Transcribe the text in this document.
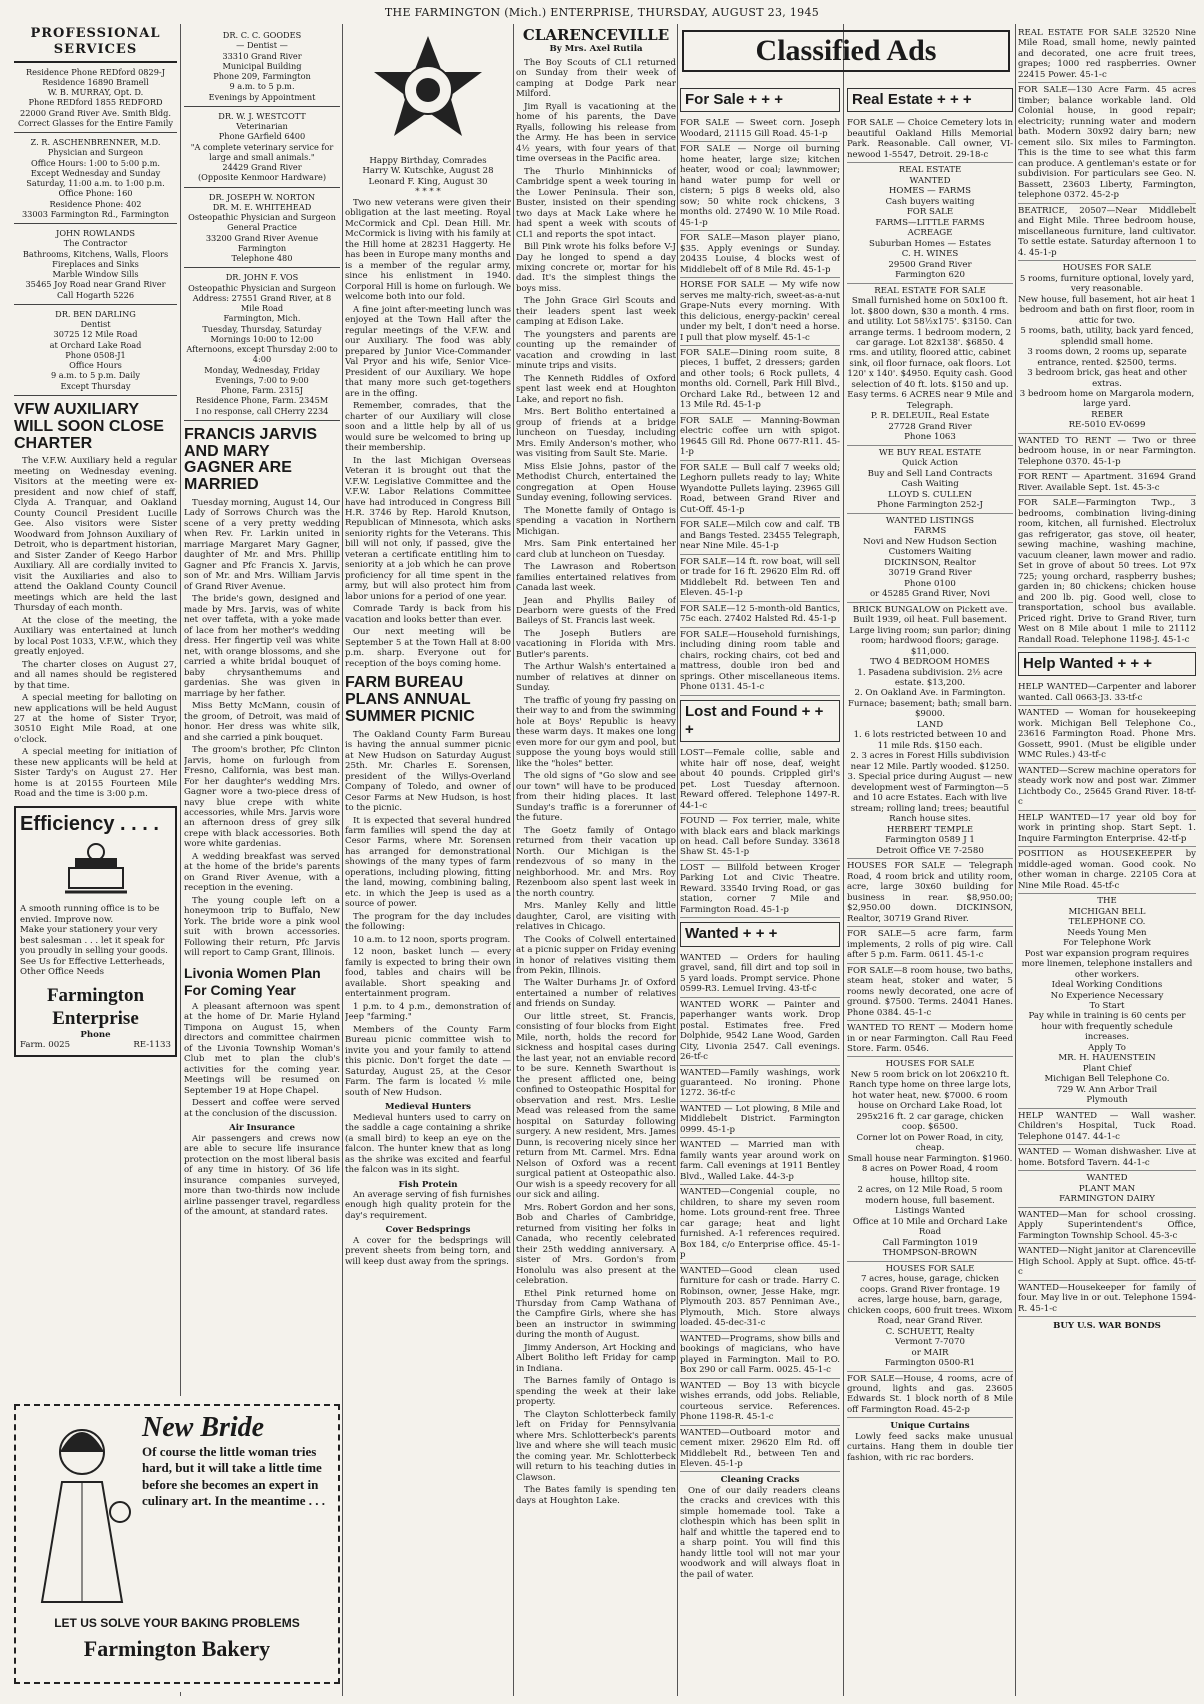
THE FARMINGTON (Mich.) ENTERPRISE, THURSDAY, AUGUST 23, 1945
PROFESSIONAL SERVICES
Residence Phone REDford 0829-J
Residence 16890 Bramell
W. B. MURRAY, Opt. D.
Phone REDford 1855 REDFORD
22000 Grand River Ave. Smith Bldg.
Correct Glasses for the Entire Family
Z. R. ASCHENBRENNER, M.D.
Physician and Surgeon
Office Hours: 1:00 to 5:00 p.m.
Except Wednesday and Sunday
Saturday, 11:00 a.m. to 1:00 p.m.
Office Phone: 160
Residence Phone: 402
33003 Farmington Rd., Farmington
JOHN ROWLANDS
The Contractor
Bathrooms, Kitchens, Walls, Floors
Fireplaces and Sinks
Marble Window Sills
35465 Joy Road near Grand River
Call Hogarth 5226
DR. BEN DARLING
Dentist
30725 12 Mile Road
at Orchard Lake Road
Phone 0508-J1
Office Hours
9 a.m. to 5 p.m. Daily
Except Thursday
VFW AUXILIARY WILL SOON CLOSE CHARTER
The V.F.W. Auxiliary held a regular meeting on Wednesday evening. Visitors at the meeting were ex-president and now chief of staff, Clyda A. Tranquar, and Oakland County Council President Lucille Gee. Also visitors were Sister Woodward from Johnson Auxiliary of Detroit, who is department historian, and Sister Zander of Keego Harbor Auxiliary. All are cordially invited to visit the Auxiliaries and also to attend the Oakland County Council meetings which are held the last Thursday of each month.
At the close of the meeting, the Auxiliary was entertained at lunch by local Post 1033, V.F.W., which they greatly enjoyed.
The charter closes on August 27, and all names should be registered by that time.
A special meeting for balloting on new applications will be held August 27 at the home of Sister Tryor, 30510 Eight Mile Road, at one o'clock.
A special meeting for initiation of these new applicants will be held at Sister Tardy's on August 27. Her home is at 20155 Fourteen Mile Road and the time is 3:00 p.m.
Efficiency . . . .
A smooth running office is to be envied. Improve now.
Make your stationery your very best salesman . . . let it speak for you proudly in selling your goods.
See Us for Effective Letterheads, Other Office Needs
Farmington Enterprise
Phone
Farm. 0025	RE-1133
DR. C. C. GOODES
— Dentist —
33310 Grand River
Municipal Building
Phone 209, Farmington
9 a.m. to 5 p.m.
Evenings by Appointment
DR. W. J. WESTCOTT
Veterinarian
Phone GArfield 6400
"A complete veterinary service for large and small animals."
24429 Grand River
(Opposite Kenmoor Hardware)
DR. JOSEPH W. NORTON
DR. M. E. WHITEHEAD
Osteopathic Physician and Surgeon
General Practice
33200 Grand River Avenue
Farmington
Telephone 480
DR. JOHN F. VOS
Osteopathic Physician and Surgeon
Address: 27551 Grand River, at 8 Mile Road
Farmington, Mich.
Tuesday, Thursday, Saturday
Mornings 10:00 to 12:00
Afternoons, except Thursday 2:00 to 4:00
Monday, Wednesday, Friday Evenings, 7:00 to 9:00
Phone, Farm. 2315J
Residence Phone, Farm. 2345M
I no response, call CHerry 2234
FRANCIS JARVIS AND MARY GAGNER ARE MARRIED
Tuesday morning, August 14, Our Lady of Sorrows Church was the scene of a very pretty wedding when Rev. Fr. Larkin united in marriage Margaret Mary Gagner, daughter of Mr. and Mrs. Phillip Gagner and Pfc Francis X. Jarvis, son of Mr. and Mrs. William Jarvis of Grand River Avenue.
The bride's gown, designed and made by Mrs. Jarvis, was of white net over taffeta, with a yoke made of lace from her mother's wedding dress. Her fingertip veil was white net, with orange blossoms, and she carried a white bridal bouquet of baby chrysanthemums and gardenias. She was given in marriage by her father.
Miss Betty McMann, cousin of the groom, of Detroit, was maid of honor. Her dress was white silk, and she carried a pink bouquet.
The groom's brother, Pfc Clinton Jarvis, home on furlough from Fresno, California, was best man. For her daughter's wedding Mrs. Gagner wore a two-piece dress of navy blue crepe with white accessories, while Mrs. Jarvis wore an afternoon dress of grey silk crepe with black accessories. Both wore white gardenias.
A wedding breakfast was served at the home of the bride's parents on Grand River Avenue, with a reception in the evening.
The young couple left on a honeymoon trip to Buffalo, New York. The bride wore a pink wool suit with brown accessories. Following their return, Pfc Jarvis will report to Camp Grant, Illinois.
Livonia Women Plan For Coming Year
A pleasant afternoon was spent at the home of Dr. Marie Hyland Timpona on August 15, when directors and committee chairmen of the Livonia Township Woman's Club met to plan the club's activities for the coming year. Meetings will be resumed on September 19 at Hope Chapel.
Dessert and coffee were served at the conclusion of the discussion.
Air Insurance
Air passengers and crews now are able to secure life insurance protection on the most liberal basis of any time in history. Of 36 life insurance companies surveyed, more than two-thirds now include airline passenger travel, regardless of the amount, at standard rates.
New Bride
Of course the little woman tries hard, but it will take a little time before she becomes an expert in culinary art. In the meantime . . .
LET US SOLVE YOUR BAKING PROBLEMS
Farmington Bakery
Happy Birthday, Comrades
Harry W. Kutschke, August 28
Leonard F. King, August 30
* * * *
Two new veterans were given their obligation at the last meeting. Royal McCormick and Cpl. Dean Hill. Mr. McCormick is living with his family at the Hill home at 28231 Haggerty. He has been in Europe many months and is a member of the regular army, since his enlistment in 1940. Corporal Hill is home on furlough. We welcome both into our fold.
A fine joint after-meeting lunch was enjoyed at the Town Hall after the regular meetings of the V.F.W. and our Auxiliary. The food was ably prepared by Junior Vice-Commander Val Pryor and his wife, Senior Vice-President of our Auxiliary. We hope that many more such get-togethers are in the offing.
Remember, comrades, that the charter of our Auxiliary will close soon and a little help by all of us would sure be welcomed to bring up their membership.
In the last Michigan Overseas Veteran it is brought out that the V.F.W. Legislative Committee and the V.F.W. Labor Relations Committee have had introduced in Congress Bill H.R. 3746 by Rep. Harold Knutson, Republican of Minnesota, which asks seniority rights for the Veterans. This bill will not only, if passed, give the veteran a certificate entitling him to seniority at a job which he can prove proficiency for all time spent in the army, but will also protect him from labor unions for a period of one year.
Comrade Tardy is back from his vacation and looks better than ever.
Our next meeting will be September 5 at the Town Hall at 8:00 p.m. sharp. Everyone out for reception of the boys coming home.
FARM BUREAU PLANS ANNUAL SUMMER PICNIC
The Oakland County Farm Bureau is having the annual summer picnic at New Hudson on Saturday August 25th. Mr. Charles E. Sorensen, president of the Willys-Overland Company of Toledo, and owner of Cesor Farms at New Hudson, is host to the picnic.
It is expected that several hundred farm families will spend the day at Cesor Farms, where Mr. Sorensen has arranged for demonstrational showings of the many types of farm operations, including plowing, fitting the land, mowing, combining baling, etc. in which the Jeep is used as a source of power.
The program for the day includes the following:
10 a.m. to 12 noon, sports program.
12 noon, basket lunch — every family is expected to bring their own food, tables and chairs will be available. Short speaking and entertainment program.
1 p.m. to 4 p.m., demonstration of Jeep "farming."
Members of the County Farm Bureau picnic committee wish to invite you and your family to attend this picnic. Don't forget the date — Saturday, August 25, at the Cesor Farm. The farm is located ½ mile south of New Hudson.
Medieval Hunters
Medieval hunters used to carry on the saddle a cage containing a shrike (a small bird) to keep an eye on the falcon. The hunter knew that as long as the shrike was excited and fearful the falcon was in its sight.
Fish Protein
An average serving of fish furnishes enough high quality protein for the day's requirement.
Cover Bedsprings
A cover for the bedsprings will prevent sheets from being torn, and will keep dust away from the springs.
CLARENCEVILLE
By Mrs. Axel Rutila
The Boy Scouts of CL1 returned on Sunday from their week of camping at Dodge Park near Milford.
Jim Ryall is vacationing at the home of his parents, the Dave Ryalls, following his release from the Army. He has been in service 4½ years, with four years of that time overseas in the Pacific area.
The Thurlo Minhinnicks of Cambridge spent a week touring in the Lower Peninsula. Their son, Buster, insisted on their spending two days at Mack Lake where he had spent a week with scouts of CL1 and reports the spot intact.
Bill Pink wrote his folks before V-J Day he longed to spend a day mixing concrete or, mortar for his dad. It's the simplest things the boys miss.
The John Grace Girl Scouts and their leaders spent last week camping at Edison Lake.
The youngsters and parents are counting up the remainder of vacation and crowding in last minute trips and visits.
The Kenneth Riddles of Oxford spent last week end at Houghton Lake, and report no fish.
Mrs. Bert Bolitho entertained a group of friends at a bridge luncheon on Tuesday, including Mrs. Emily Anderson's mother, who was visiting from Sault Ste. Marie.
Miss Elsie Johns, pastor of the Methodist Church, entertained the congregation at Open House Sunday evening, following services.
The Monette family of Ontago is spending a vacation in Northern Michigan.
Mrs. Sam Pink entertained her card club at luncheon on Tuesday.
The Lawrason and Robertson families entertained relatives from Canada last week.
Jean and Phyllis Bailey of Dearborn were guests of the Fred Baileys of St. Francis last week.
The Joseph Butlers are vacationing in Florida with Mrs. Butler's parents.
The Arthur Walsh's entertained a number of relatives at dinner on Sunday.
The traffic of young fry passing on their way to and from the swimming hole at Boys' Republic is heavy these warm days. It makes one long even more for our gym and pool, but suppose the young boys would still like the "holes" better.
The old signs of "Go slow and see our town" will have to be produced from their hiding places. It last Sunday's traffic is a forerunner of the future.
The Goetz family of Ontago returned from their vacation up North. Our Michigan is the rendezvous of so many in the neighborhood. Mr. and Mrs. Roy Rezenboom also spent last week in the north country.
Mrs. Manley Kelly and little daughter, Carol, are visiting with relatives in Chicago.
The Cooks of Colwell entertained at a picnic supper on Friday evening in honor of relatives visiting them from Pekin, Illinois.
The Walter Durhams Jr. of Oxford entertained a number of relatives and friends on Sunday.
Our little street, St. Francis, consisting of four blocks from Eight Mile, north, holds the record for sickness and hospital cases during the last year, not an enviable record to be sure. Kenneth Swarthout is the present afflicted one, being confined to Osteopathic Hospital for observation and rest. Mrs. Leslie Mead was released from the same hospital on Saturday following surgery. A new resident, Mrs. James Dunn, is recovering nicely since her return from Mt. Carmel. Mrs. Edna Nelson of Oxford was a recent surgical patient at Osteopathic also. Our wish is a speedy recovery for all our sick and ailing.
Mrs. Robert Gordon and her sons, Bob and Charles of Cambridge, returned from visiting her folks in Canada, who recently celebrated their 25th wedding anniversary. A sister of Mrs. Gordon's from Honolulu was also present at the celebration.
Ethel Pink returned home on Thursday from Camp Wathana of the Campfire Girls, where she has been an instructor in swimming during the month of August.
Jimmy Anderson, Art Hocking and Albert Bolitho left Friday for camp in Indiana.
The Barnes family of Ontago is spending the week at their lake property.
The Clayton Schlotterbeck family left on Friday for Pennsylvania where Mrs. Schlotterbeck's parents live and where she will teach music the coming year. Mr. Schlotterbeck will return to his teaching duties in Clawson.
The Bates family is spending ten days at Houghton Lake.
Classified Ads
For Sale + + +
FOR SALE — Sweet corn. Joseph Woodard, 21115 Gill Road. 45-1-p
FOR SALE — Norge oil burning home heater, large size; kitchen heater, wood or coal; lawnmower; hand water pump for well or cistern; 5 pigs 8 weeks old, also sow; 50 white rock chickens, 3 months old. 27490 W. 10 Mile Road. 45-1-p
FOR SALE—Mason player piano, $35. Apply evenings or Sunday. 20435 Louise, 4 blocks west of Middlebelt off of 8 Mile Rd. 45-1-p
HORSE FOR SALE — My wife now serves me malty-rich, sweet-as-a-nut Grape-Nuts every morning. With this delicious, energy-packin' cereal under my belt, I don't need a horse. I pull that plow myself. 45-1-c
FOR SALE—Dining room suite, 8 pieces, 1 buffet, 2 dressers; garden and other tools; 6 Rock pullets, 4 months old. Cornell, Park Hill Blvd., Orchard Lake Rd., between 12 and 13 Mile Rd. 45-1-p
FOR SALE — Manning-Bowman electric coffee urn with spigot. 19645 Gill Rd. Phone 0677-R11. 45-1-p
FOR SALE — Bull calf 7 weeks old; Leghorn pullets ready to lay; White Wyandotte Pullets laying. 23965 Gill Road, between Grand River and Cut-Off. 45-1-p
FOR SALE—Milch cow and calf. TB and Bangs Tested. 23455 Telegraph, near Nine Mile. 45-1-p
FOR SALE—14 ft. row boat, will sell or trade for 16 ft. 29620 Elm Rd. off Middlebelt Rd. between Ten and Eleven. 45-1-p
FOR SALE—12 5-month-old Bantics, 75c each. 27402 Halsted Rd. 45-1-p
FOR SALE—Household furnishings, including dining room table and chairs, rocking chairs, cot bed and mattress, double iron bed and springs. Other miscellaneous items. Phone 0131. 45-1-c
Lost and Found + + +
LOST—Female collie, sable and white hair off nose, deaf, weight about 40 pounds. Crippled girl's pet. Lost Tuesday afternoon. Reward offered. Telephone 1497-R. 44-1-c
FOUND — Fox terrier, male, white with black ears and black markings on head. Call before Sunday. 33618 Shaw St. 45-1-p
LOST — Billfold between Kroger Parking Lot and Civic Theatre. Reward. 33540 Irving Road, or gas station, corner 7 Mile and Farmington Road. 45-1-p
Wanted + + +
WANTED — Orders for hauling gravel, sand, fill dirt and top soil in 5 yard loads. Prompt service. Phone 0599-R3. Lemuel Irving. 43-tf-c
WANTED WORK — Painter and paperhanger wants work. Drop postal. Estimates free. Fred Dolphide, 9542 Lane Wood, Garden City, Livonia 2547. Call evenings. 26-tf-c
WANTED—Family washings, work guaranteed. No ironing. Phone 1272. 36-tf-c
WANTED — Lot plowing, 8 Mile and Middlebelt District. Farmington 0999. 45-1-p
WANTED — Married man with family wants year around work on farm. Call evenings at 1911 Bentley Blvd., Walled Lake. 44-3-p
WANTED—Congenial couple, no children, to share my seven room home. Lots ground-rent free. Three car garage; heat and light furnished. A-1 references required. Box 184, c/o Enterprise office. 45-1-p
WANTED—Good clean used furniture for cash or trade. Harry C. Robinson, owner, Jesse Hake, mgr. Plymouth 203. 857 Penniman Ave., Plymouth, Mich. Store always loaded. 45-dec-31-c
WANTED—Programs, show bills and bookings of magicians, who have played in Farmington. Mail to P.O. Box 290 or call Farm. 0025. 45-1-c
WANTED — Boy 13 with bicycle wishes errands, odd jobs. Reliable, courteous service. References. Phone 1198-R. 45-1-c
WANTED—Outboard motor and cement mixer. 29620 Elm Rd. off Middlebelt Rd., between Ten and Eleven. 45-1-p
Cleaning Cracks
One of our daily readers cleans the cracks and crevices with this simple homemade tool. Take a clothespin which has been split in half and whittle the tapered end to a sharp point. You will find this handy little tool will not mar your woodwork and will always float in the pail of water.
Real Estate + + +
FOR SALE — Choice Cemetery lots in beautiful Oakland Hills Memorial Park. Reasonable. Call owner, VI-newood 1-5547, Detroit. 29-18-c
REAL ESTATE
WANTED
HOMES — FARMS
Cash buyers waiting
FOR SALE
FARMS—LITTLE FARMS
ACREAGE
Suburban Homes — Estates
C. H. WINES
29500 Grand River
Farmington 620
REAL ESTATE FOR SALE
Small furnished home on 50x100 ft. lot. $800 down, $30 a month. 4 rms. and utility. Lot 58½x175'. $3150. Can arrange terms. 1 bedroom modern, 2 car garage. Lot 82x138'. $6850. 4 rms. and utility, floored attic, cabinet sink, oil floor furnace, oak floors. Lot 120' x 140'. $4950. Equity cash. Good selection of 40 ft. lots. $150 and up. Easy terms. 6 ACRES near 9 Mile and Telegraph.
P. R. DELEUIL, Real Estate
27728 Grand River
Phone 1063
WE BUY REAL ESTATE
Quick Action
Buy and Sell Land Contracts
Cash Waiting
LLOYD S. CULLEN
Phone Farmington 252-J
WANTED LISTINGS
FARMS
Novi and New Hudson Section
Customers Waiting
DICKINSON, Realtor
30719 Grand River
Phone 0100
or 45285 Grand River, Novi
BRICK BUNGALOW on Pickett ave. Built 1939, oil heat. Full basement. Large living room; sun parlor; dining room; hardwood floors; garage. $11,000.
TWO 4 BEDROOM HOMES
1. Pasadena subdivision. 2½ acre estate. $13,200.
2. On Oakland Ave. in Farmington. Furnace; basement; bath; small barn. $9000.
LAND
1. 6 lots restricted between 10 and 11 mile Rds. $150 each.
2. 3 acres in Forest Hills subdivision near 12 Mile. Partly wooded. $1250.
3. Special price during August — new development west of Farmington—5 and 10 acre Estates. Each with live stream; rolling land; trees; beautiful Ranch house sites.
HERBERT TEMPLE
Farmington 0589 J 1
Detroit Office VE 7-2580
HOUSES FOR SALE — Telegraph Road, 4 room brick and utility room, acre, large 30x60 building for business in rear. $8,950.00; $2,950.00 down. DICKINSON, Realtor, 30719 Grand River.
FOR SALE—5 acre farm, farm implements, 2 rolls of pig wire. Call after 5 p.m. Farm. 0611. 45-1-c
FOR SALE—8 room house, two baths, steam heat, stoker and water, 5 rooms newly decorated, one acre of ground. $7500. Terms. 24041 Hanes. Phone 0384. 45-1-c
WANTED TO RENT — Modern home in or near Farmington. Call Rau Feed Store. Farm. 0546.
HOUSES FOR SALE
New 5 room brick on lot 206x210 ft.
Ranch type home on three large lots, hot water heat, new. $7000. 6 room house on Orchard Lake Road, lot 295x216 ft. 2 car garage, chicken coop. $6500.
Corner lot on Power Road, in city, cheap.
Small house near Farmington. $1960.
8 acres on Power Road, 4 room house, hilltop site.
2 acres, on 12 Mile Road, 5 room modern house, full basement.
Listings Wanted
Office at 10 Mile and Orchard Lake Road
Call Farmington 1019
THOMPSON-BROWN
HOUSES FOR SALE
7 acres, house, garage, chicken coops. Grand River frontage. 19 acres, large house, barn, garage, chicken coops, 600 fruit trees. Wixom Road, near Grand River.
C. SCHUETT, Realty
Vermont 7-7070
or MAIR
Farmington 0500-R1
FOR SALE—House, 4 rooms, acre of ground, lights and gas. 23605 Edwards St. 1 block north of 8 Mile off Farmington Road. 45-2-p
Unique Curtains
Lowly feed sacks make unusual curtains. Hang them in double tier fashion, with ric rac borders.
REAL ESTATE FOR SALE 32520 Nine Mile Road, small home, newly painted and decorated, one acre fruit trees, grapes; 1000 red raspberries. Owner 22415 Power. 45-1-c
FOR SALE—130 Acre Farm. 45 acres timber; balance workable land. Old Colonial house, in good repair; electricity; running water and modern bath. Modern 30x92 dairy barn; new cement silo. Six miles to Farmington. This is the time to see what this farm can produce. A gentleman's estate or for subdivision. For particulars see Geo. N. Bassett, 23603 Liberty, Farmington, telephone 0372. 45-2-p
BEATRICE, 20507—Near Middlebelt and Eight Mile. Three bedroom house, miscellaneous furniture, land cultivator. To settle estate. Saturday afternoon 1 to 4. 45-1-p
HOUSES FOR SALE
5 rooms, furniture optional, lovely yard, very reasonable.
New house, full basement, hot air heat 1 bedroom and bath on first floor, room in attic for two.
5 rooms, bath, utility, back yard fenced, splendid small home.
3 rooms down, 2 rooms up, separate entrance, rented. $2500, terms.
3 bedroom brick, gas heat and other extras.
3 bedroom home on Margarola modern, large yard.
REBER
RE-5010 EV-0699
WANTED TO RENT — Two or three bedroom house, in or near Farmington. Telephone 0370. 45-1-p
FOR RENT — Apartment. 31694 Grand River. Available Sept. 1st. 45-3-c
FOR SALE—Farmington Twp., 3 bedrooms, combination living-dining room, kitchen, all furnished. Electrolux gas refrigerator, gas stove, oil heater, sewing machine, washing machine, vacuum cleaner, lawn mower and radio. Set in grove of about 50 trees. Lot 97x 725; young orchard, raspberry bushes; garden in; 80 chickens; chicken house and 200 lb. pig. Good well, close to transportation, school bus available. Priced right. Drive to Grand River, turn West on 8 Mile about 1 mile to 21112 Randall Road. Telephone 1198-J. 45-1-c
Help Wanted + + +
HELP WANTED—Carpenter and laborer wanted. Call 0663-J3. 33-tf-c
WANTED — Woman for housekeeping work. Michigan Bell Telephone Co., 23616 Farmington Road. Phone Mrs. Gossett, 9901. (Must be eligible under WMC Rules.) 43-tf-c
WANTED—Screw machine operators for steady work now and post war. Zimmer Lichtbody Co., 25645 Grand River. 18-tf-c
HELP WANTED—17 year old boy for work in printing shop. Start Sept. 1. Inquire Farmington Enterprise. 42-tf-p
POSITION as HOUSEKEEPER by middle-aged woman. Good cook. No other woman in charge. 22105 Cora at Nine Mile Road. 45-tf-c
THE
MICHIGAN BELL
TELEPHONE CO.
Needs Young Men
For Telephone Work
Post war expansion program requires more linemen, telephone installers and other workers.
Ideal Working Conditions
No Experience Necessary
To Start
Pay while in training is 60 cents per hour with frequently schedule increases.
Apply To
MR. H. HAUENSTEIN
Plant Chief
Michigan Bell Telephone Co.
729 W. Ann Arbor Trail
Plymouth
HELP WANTED — Wall washer. Children's Hospital, Tuck Road. Telephone 0147. 44-1-c
WANTED — Woman dishwasher. Live at home. Botsford Tavern. 44-1-c
WANTED
PLANT MAN
FARMINGTON DAIRY
WANTED—Man for school crossing. Apply Superintendent's Office, Farmington Township School. 45-3-c
WANTED—Night janitor at Clarenceville High School. Apply at Supt. office. 45-tf-c
WANTED—Housekeeper for family of four. May live in or out. Telephone 1594-R. 45-1-c
BUY U.S. WAR BONDS
